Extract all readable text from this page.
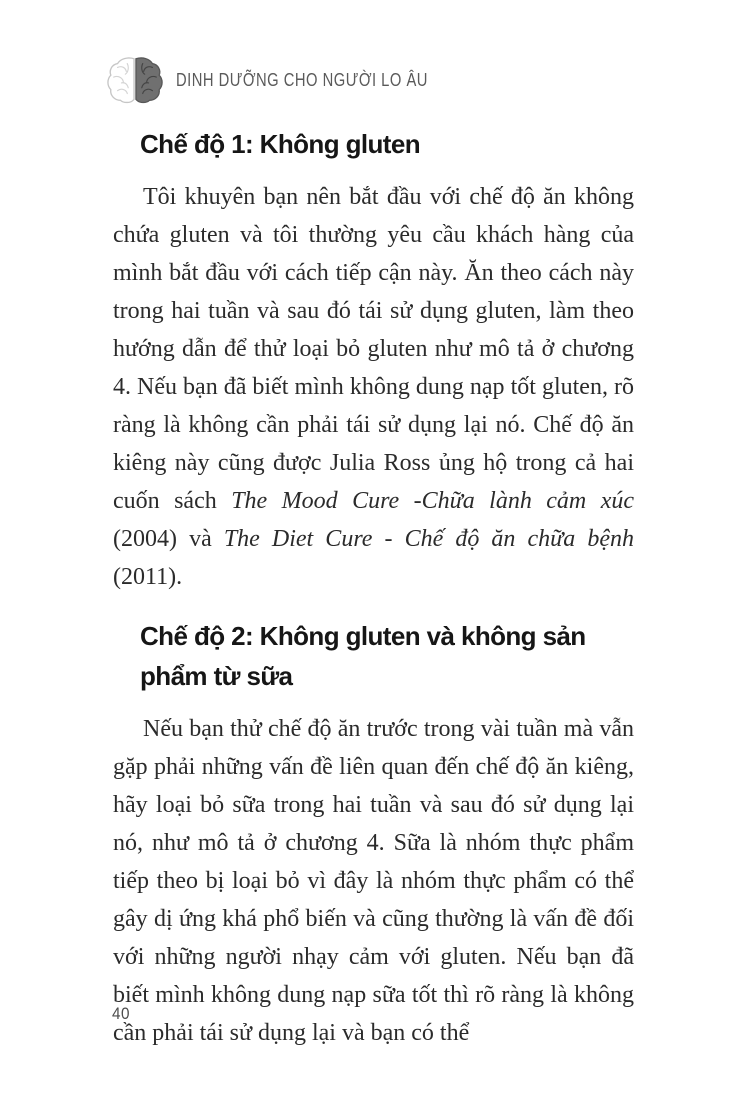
DINH DƯỠNG CHO NGƯỜI LO ÂU
Chế độ 1: Không gluten

Tôi khuyên bạn nên bắt đầu với chế độ ăn không chứa gluten và tôi thường yêu cầu khách hàng của mình bắt đầu với cách tiếp cận này. Ăn theo cách này trong hai tuần và sau đó tái sử dụng gluten, làm theo hướng dẫn để thử loại bỏ gluten như mô tả ở chương 4. Nếu bạn đã biết mình không dung nạp tốt gluten, rõ ràng là không cần phải tái sử dụng lại nó. Chế độ ăn kiêng này cũng được Julia Ross ủng hộ trong cả hai cuốn sách The Mood Cure -Chữa lành cảm xúc (2004) và The Diet Cure - Chế độ ăn chữa bệnh (2011).

Chế độ 2: Không gluten và không sản phẩm từ sữa

Nếu bạn thử chế độ ăn trước trong vài tuần mà vẫn gặp phải những vấn đề liên quan đến chế độ ăn kiêng, hãy loại bỏ sữa trong hai tuần và sau đó sử dụng lại nó, như mô tả ở chương 4. Sữa là nhóm thực phẩm tiếp theo bị loại bỏ vì đây là nhóm thực phẩm có thể gây dị ứng khá phổ biến và cũng thường là vấn đề đối với những người nhạy cảm với gluten. Nếu bạn đã biết mình không dung nạp sữa tốt thì rõ ràng là không cần phải tái sử dụng lại và bạn có thể

40
